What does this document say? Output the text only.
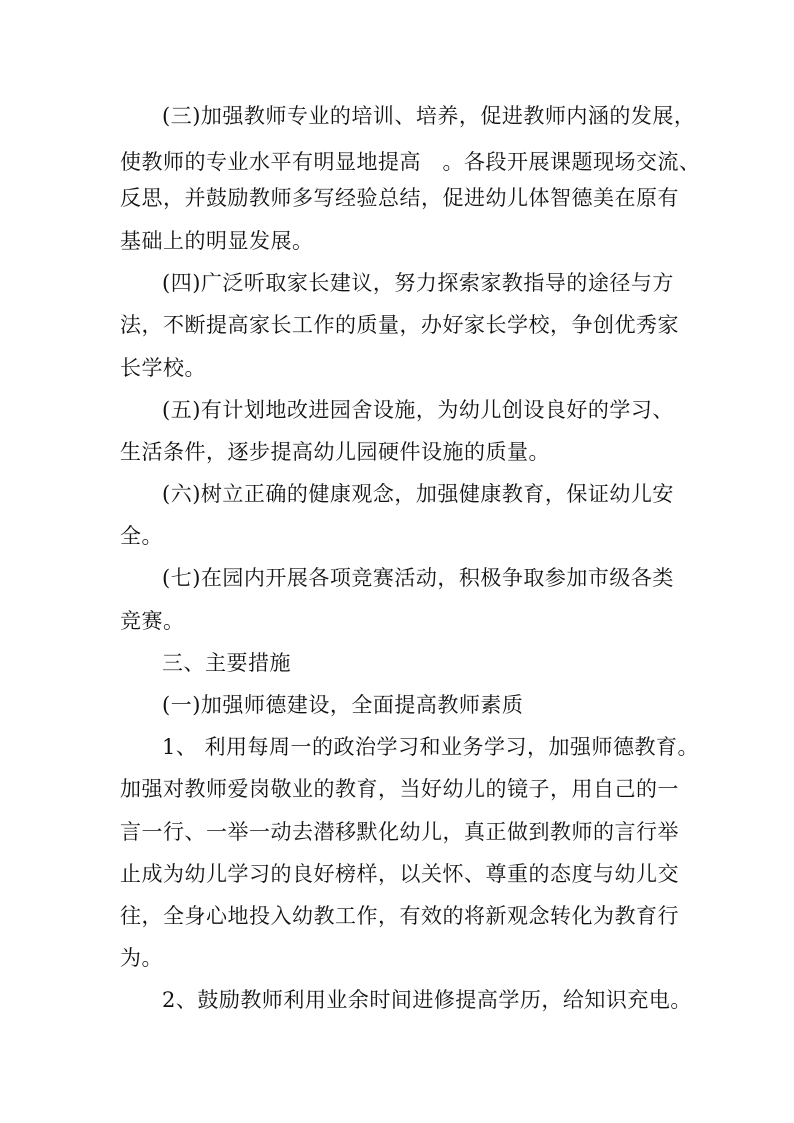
(三)加强教师专业的培训、培养，促进教师内涵的发展，
使教师的专业水平有明显地提高　。各段开展课题现场交流、
反思，并鼓励教师多写经验总结，促进幼儿体智德美在原有
基础上的明显发展。
(四)广泛听取家长建议，努力探索家教指导的途径与方
法，不断提高家长工作的质量，办好家长学校，争创优秀家
长学校。
(五)有计划地改进园舍设施，为幼儿创设良好的学习、
生活条件，逐步提高幼儿园硬件设施的质量。
(六)树立正确的健康观念，加强健康教育，保证幼儿安
全。
(七)在园内开展各项竞赛活动，积极争取参加市级各类
竞赛。
三、主要措施
(一)加强师德建设，全面提高教师素质
1、 利用每周一的政治学习和业务学习，加强师德教育。
加强对教师爱岗敬业的教育，当好幼儿的镜子，用自己的一
言一行、一举一动去潜移默化幼儿，真正做到教师的言行举
止成为幼儿学习的良好榜样，以关怀、尊重的态度与幼儿交
往，全身心地投入幼教工作，有效的将新观念转化为教育行
为。
2、鼓励教师利用业余时间进修提高学历，给知识充电。
